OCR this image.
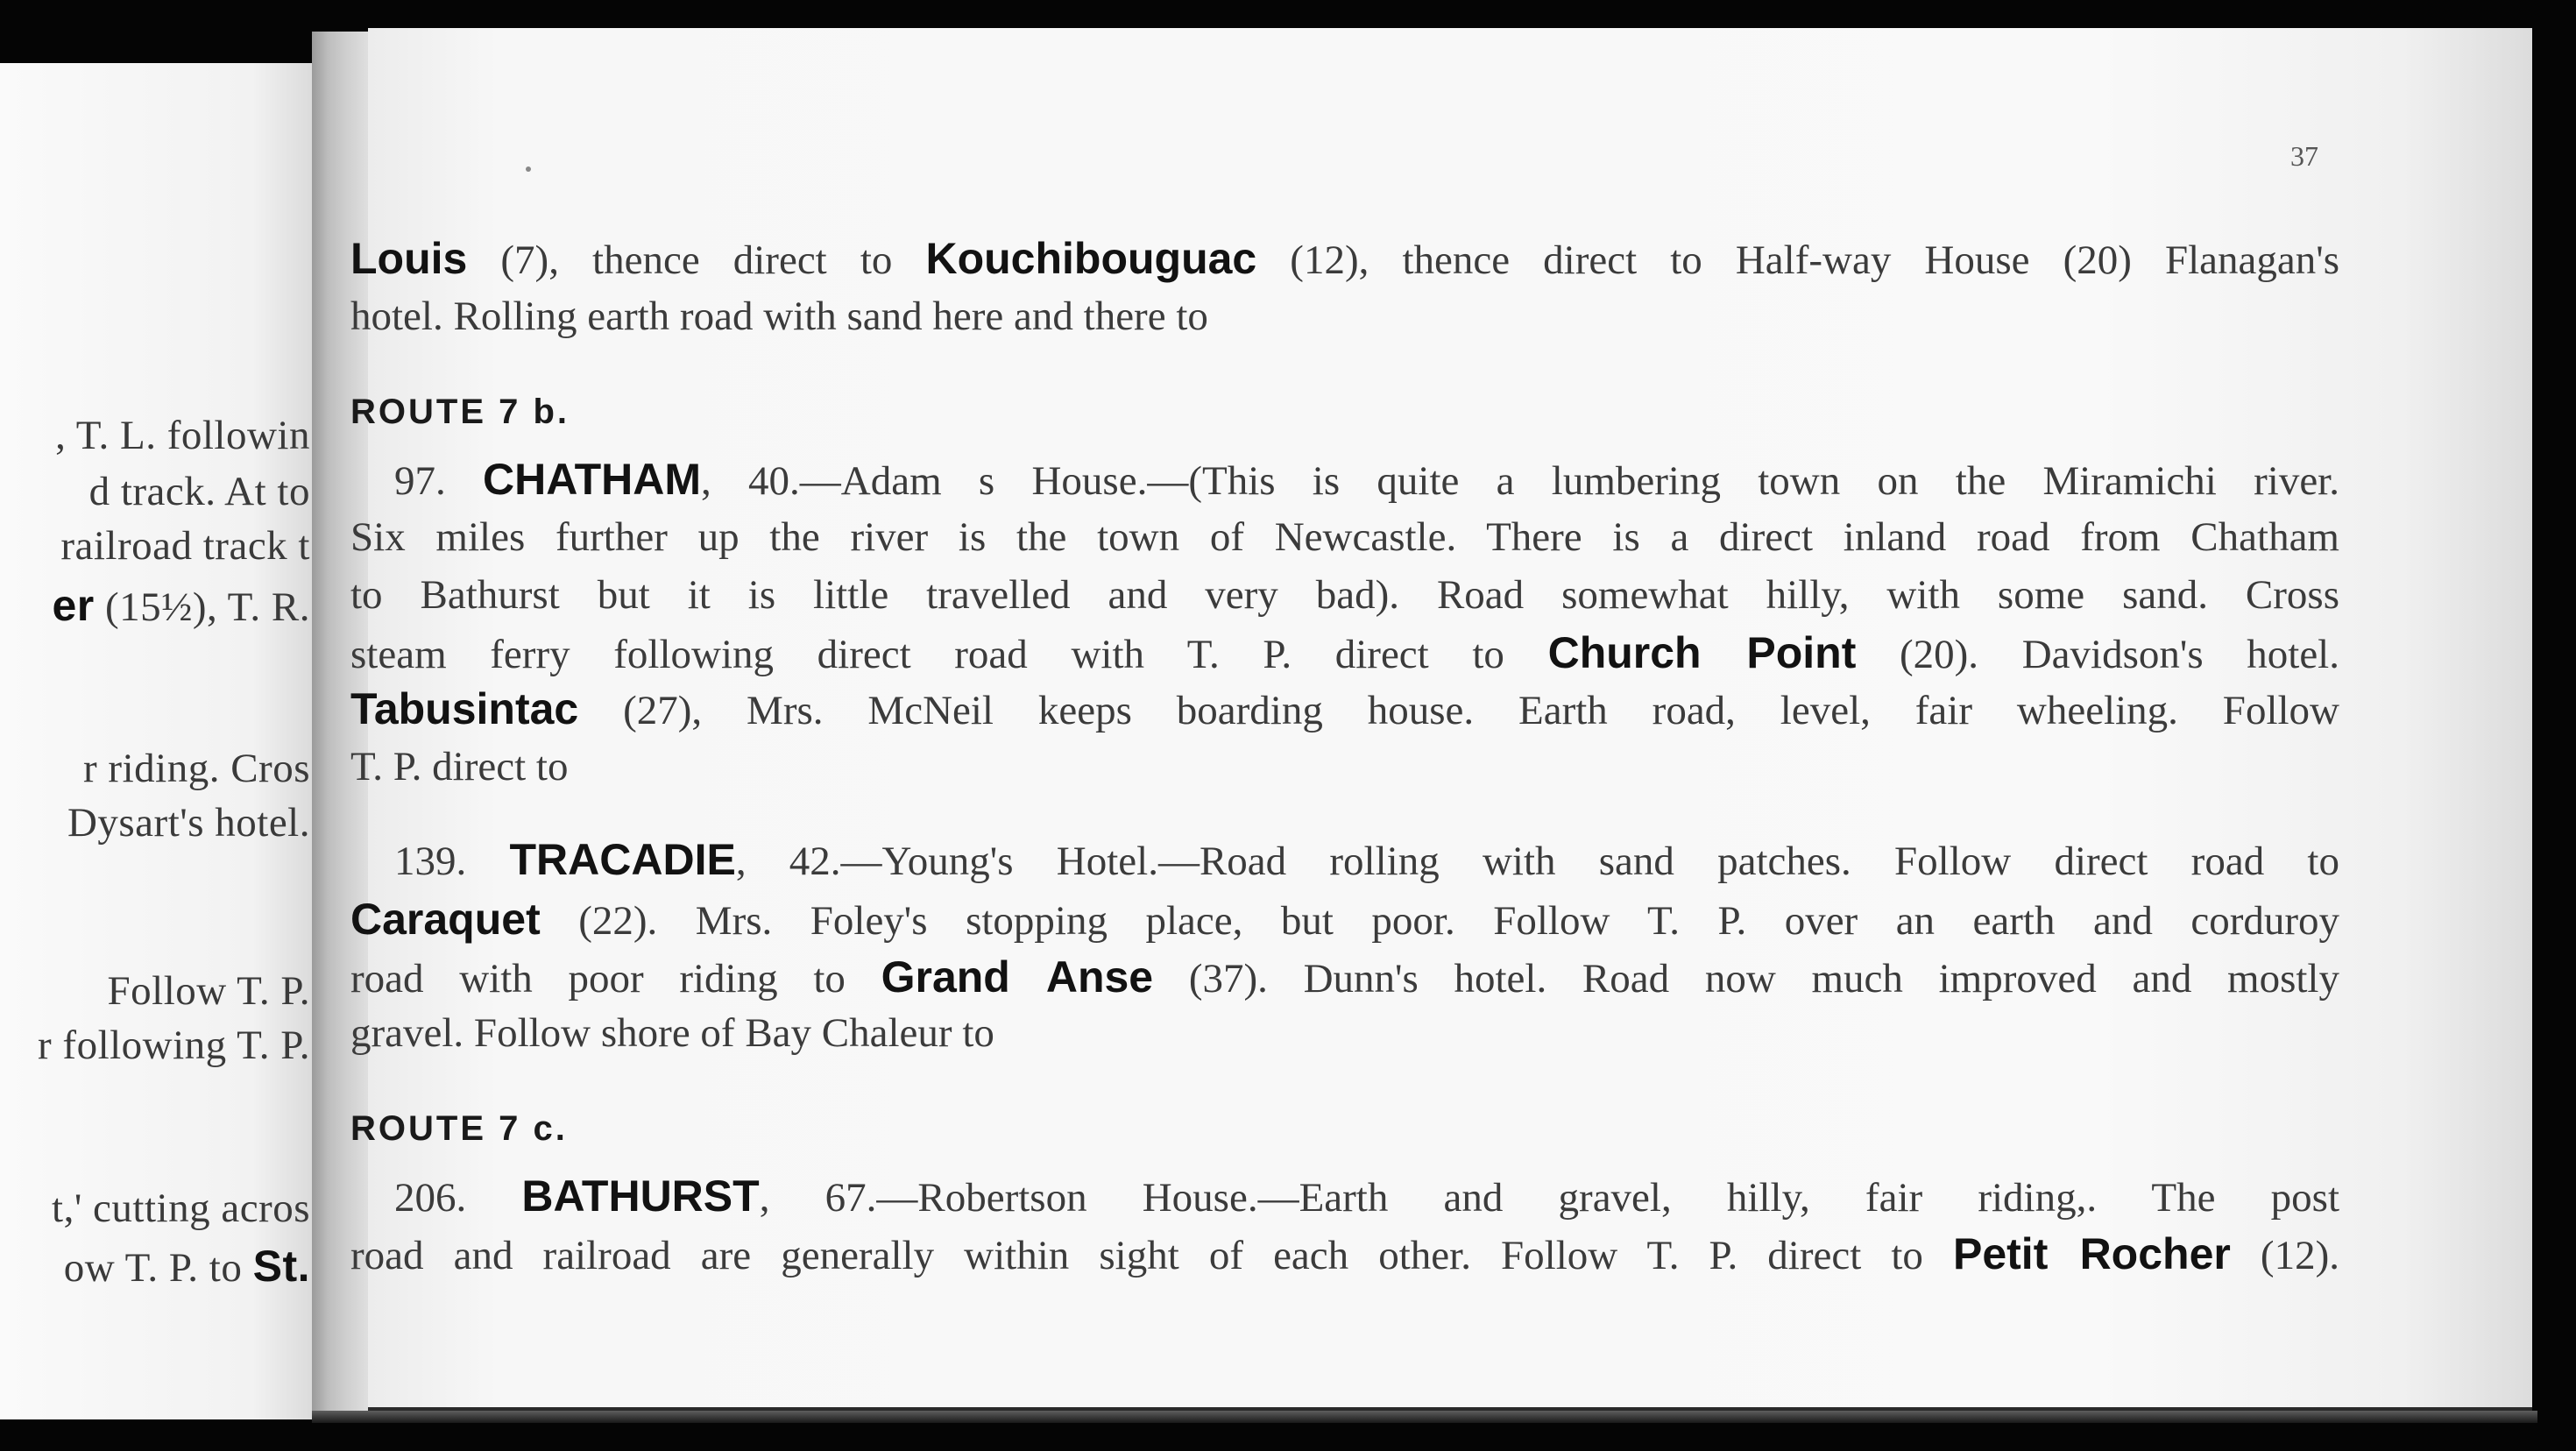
, T. L. followin
d track. At to
railroad track t
er (15½), T. R.
r riding. Cros
Dysart's hotel.
Follow T. P.
r following T. P.
t,' cutting acros
ow T. P. to St.
37
Louis (7), thence direct to Kouchibouguac (12), thence direct to Half-way House (20) Flanagan's
hotel. Rolling earth road with sand here and there to
ROUTE 7 b.
97. CHATHAM, 40.—Adam s House.—(This is quite a lumbering town on the Miramichi river.
Six miles further up the river is the town of Newcastle. There is a direct inland road from Chatham
to Bathurst but it is little travelled and very bad). Road somewhat hilly, with some sand. Cross
steam ferry following direct road with T. P. direct to Church Point (20). Davidson's hotel.
Tabusintac (27), Mrs. McNeil keeps boarding house. Earth road, level, fair wheeling. Follow
T. P. direct to
139. TRACADIE, 42.—Young's Hotel.—Road rolling with sand patches. Follow direct road to
Caraquet (22). Mrs. Foley's stopping place, but poor. Follow T. P. over an earth and corduroy
road with poor riding to Grand Anse (37). Dunn's hotel. Road now much improved and mostly
gravel. Follow shore of Bay Chaleur to
ROUTE 7 c.
206. BATHURST, 67.—Robertson House.—Earth and gravel, hilly, fair riding,. The post
road and railroad are generally within sight of each other. Follow T. P. direct to Petit Rocher (12).
